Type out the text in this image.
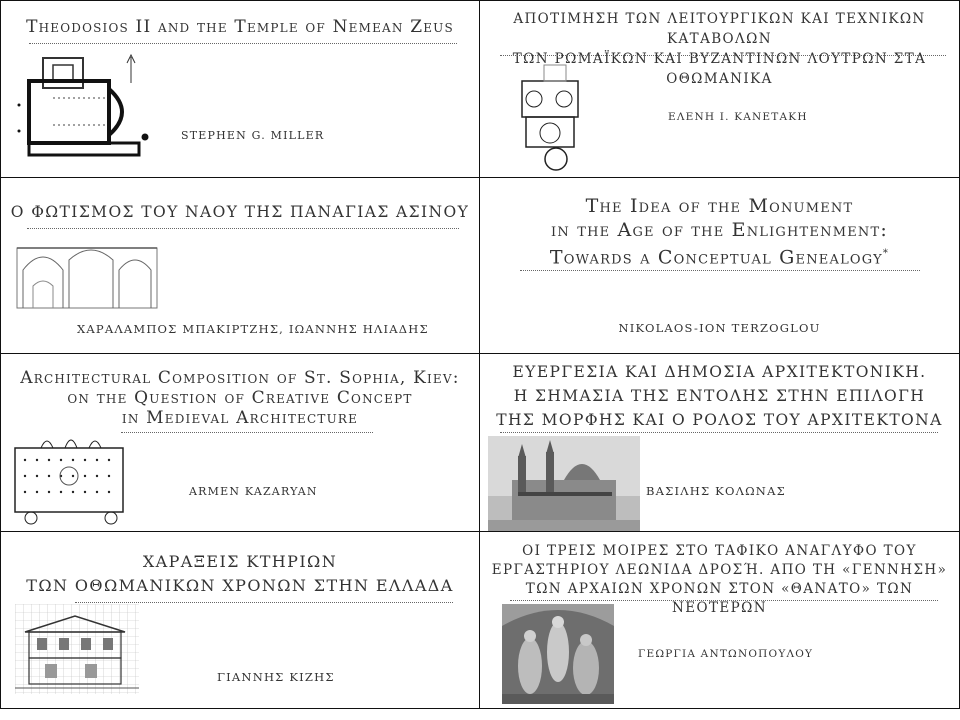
Theodosios II and the Temple of Nemean Zeus
STEPHEN G. MILLER
ΑΠΟΤΙΜΗΣΗ ΤΩΝ ΛΕΙΤΟΥΡΓΙΚΩΝ ΚΑΙ ΤΕΧΝΙΚΩΝ ΚΑΤΑΒΟΛΩΝ
ΤΩΝ ΡΩΜΑΪΚΩΝ ΚΑΙ ΒΥΖΑΝΤΙΝΩΝ ΛΟΥΤΡΩΝ ΣΤΑ ΟΘΩΜΑΝΙΚΑ
ΕΛΕΝΗ Ι. ΚΑΝΕΤΑΚΗ
Ο ΦΩΤΙΣΜΟΣ ΤΟΥ ΝΑΟΥ ΤΗΣ ΠΑΝΑΓΙΑΣ ΑΣΙΝΟΥ
ΧΑΡΑΛΑΜΠΟΣ ΜΠΑΚΙΡΤΖΗΣ, ΙΩΑΝΝΗΣ ΗΛΙΑΔΗΣ
The Idea of the Monument
in the Age of the Enlightenment:
Towards a Conceptual Genealogy*
NIKOLAOS-ION TERZOGLOU
Architectural Composition of St. Sophia, Kiev:
on the Question of Creative Concept
in Medieval Architecture
ARMEN KAZARYAN
ΕΥΕΡΓΕΣΙΑ ΚΑΙ ΔΗΜΟΣΙΑ ΑΡΧΙΤΕΚΤΟΝΙΚΗ.
Η ΣΗΜΑΣΙΑ ΤΗΣ ΕΝΤΟΛΗΣ ΣΤΗΝ ΕΠΙΛΟΓΗ
ΤΗΣ ΜΟΡΦΗΣ ΚΑΙ Ο ΡΟΛΟΣ ΤΟΥ ΑΡΧΙΤΕΚΤΟΝΑ
ΒΑΣΙΛΗΣ ΚΟΛΩΝΑΣ
ΧΑΡΑΞΕΙΣ ΚΤΗΡΙΩΝ
ΤΩΝ ΟΘΩΜΑΝΙΚΩΝ ΧΡΟΝΩΝ ΣΤΗΝ ΕΛΛΑΔΑ
ΓΙΑΝΝΗΣ ΚΙΖΗΣ
ΟΙ ΤΡΕΙΣ ΜΟΙΡΕΣ ΣΤΟ ΤΑΦΙΚΟ ΑΝΑΓΛΥΦΟ ΤΟΥ
ΕΡΓΑΣΤΗΡΙΟΥ ΛΕΩΝΙΔΑ ΔΡΟΣΉ. ΑΠΟ ΤΗ «ΓΕΝΝΗΣΗ»
ΤΩΝ ΑΡΧΑΙΩΝ ΧΡΟΝΩΝ ΣΤΟΝ «ΘΑΝΑΤΟ» ΤΩΝ ΝΕΟΤΕΡΩΝ
ΓΕΩΡΓΙΑ ΑΝΤΩΝΟΠΟΥΛΟΥ
